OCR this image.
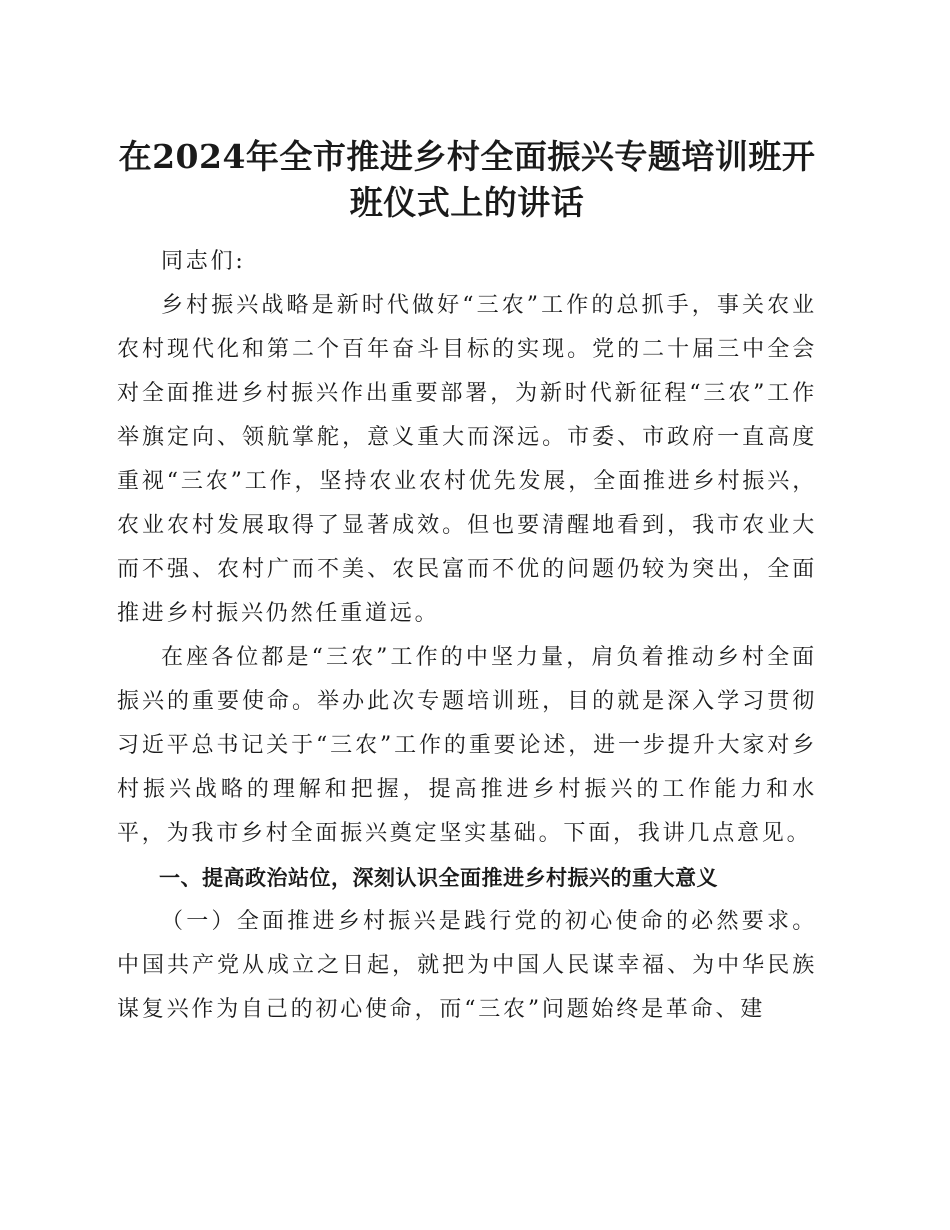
在2024年全市推进乡村全面振兴专题培训班开
班仪式上的讲话

同志们:

乡村振兴战略是新时代做好“三农”工作的总抓手，事关农业农村现代化和第二个百年奋斗目标的实现。党的二十届三中全会对全面推进乡村振兴作出重要部署，为新时代新征程“三农”工作举旗定向、领航掌舵，意义重大而深远。市委、市政府一直高度重视“三农”工作，坚持农业农村优先发展，全面推进乡村振兴，农业农村发展取得了显著成效。但也要清醒地看到，我市农业大而不强、农村广而不美、农民富而不优的问题仍较为突出，全面推进乡村振兴仍然任重道远。

在座各位都是“三农”工作的中坚力量，肩负着推动乡村全面振兴的重要使命。举办此次专题培训班，目的就是深入学习贯彻习近平总书记关于“三农”工作的重要论述，进一步提升大家对乡村振兴战略的理解和把握，提高推进乡村振兴的工作能力和水平，为我市乡村全面振兴奠定坚实基础。下面，我讲几点意见。

一、提高政治站位，深刻认识全面推进乡村振兴的重大意义

（一）全面推进乡村振兴是践行党的初心使命的必然要求。中国共产党从成立之日起，就把为中国人民谋幸福、为中华民族谋复兴作为自己的初心使命，而“三农”问题始终是革命、建
